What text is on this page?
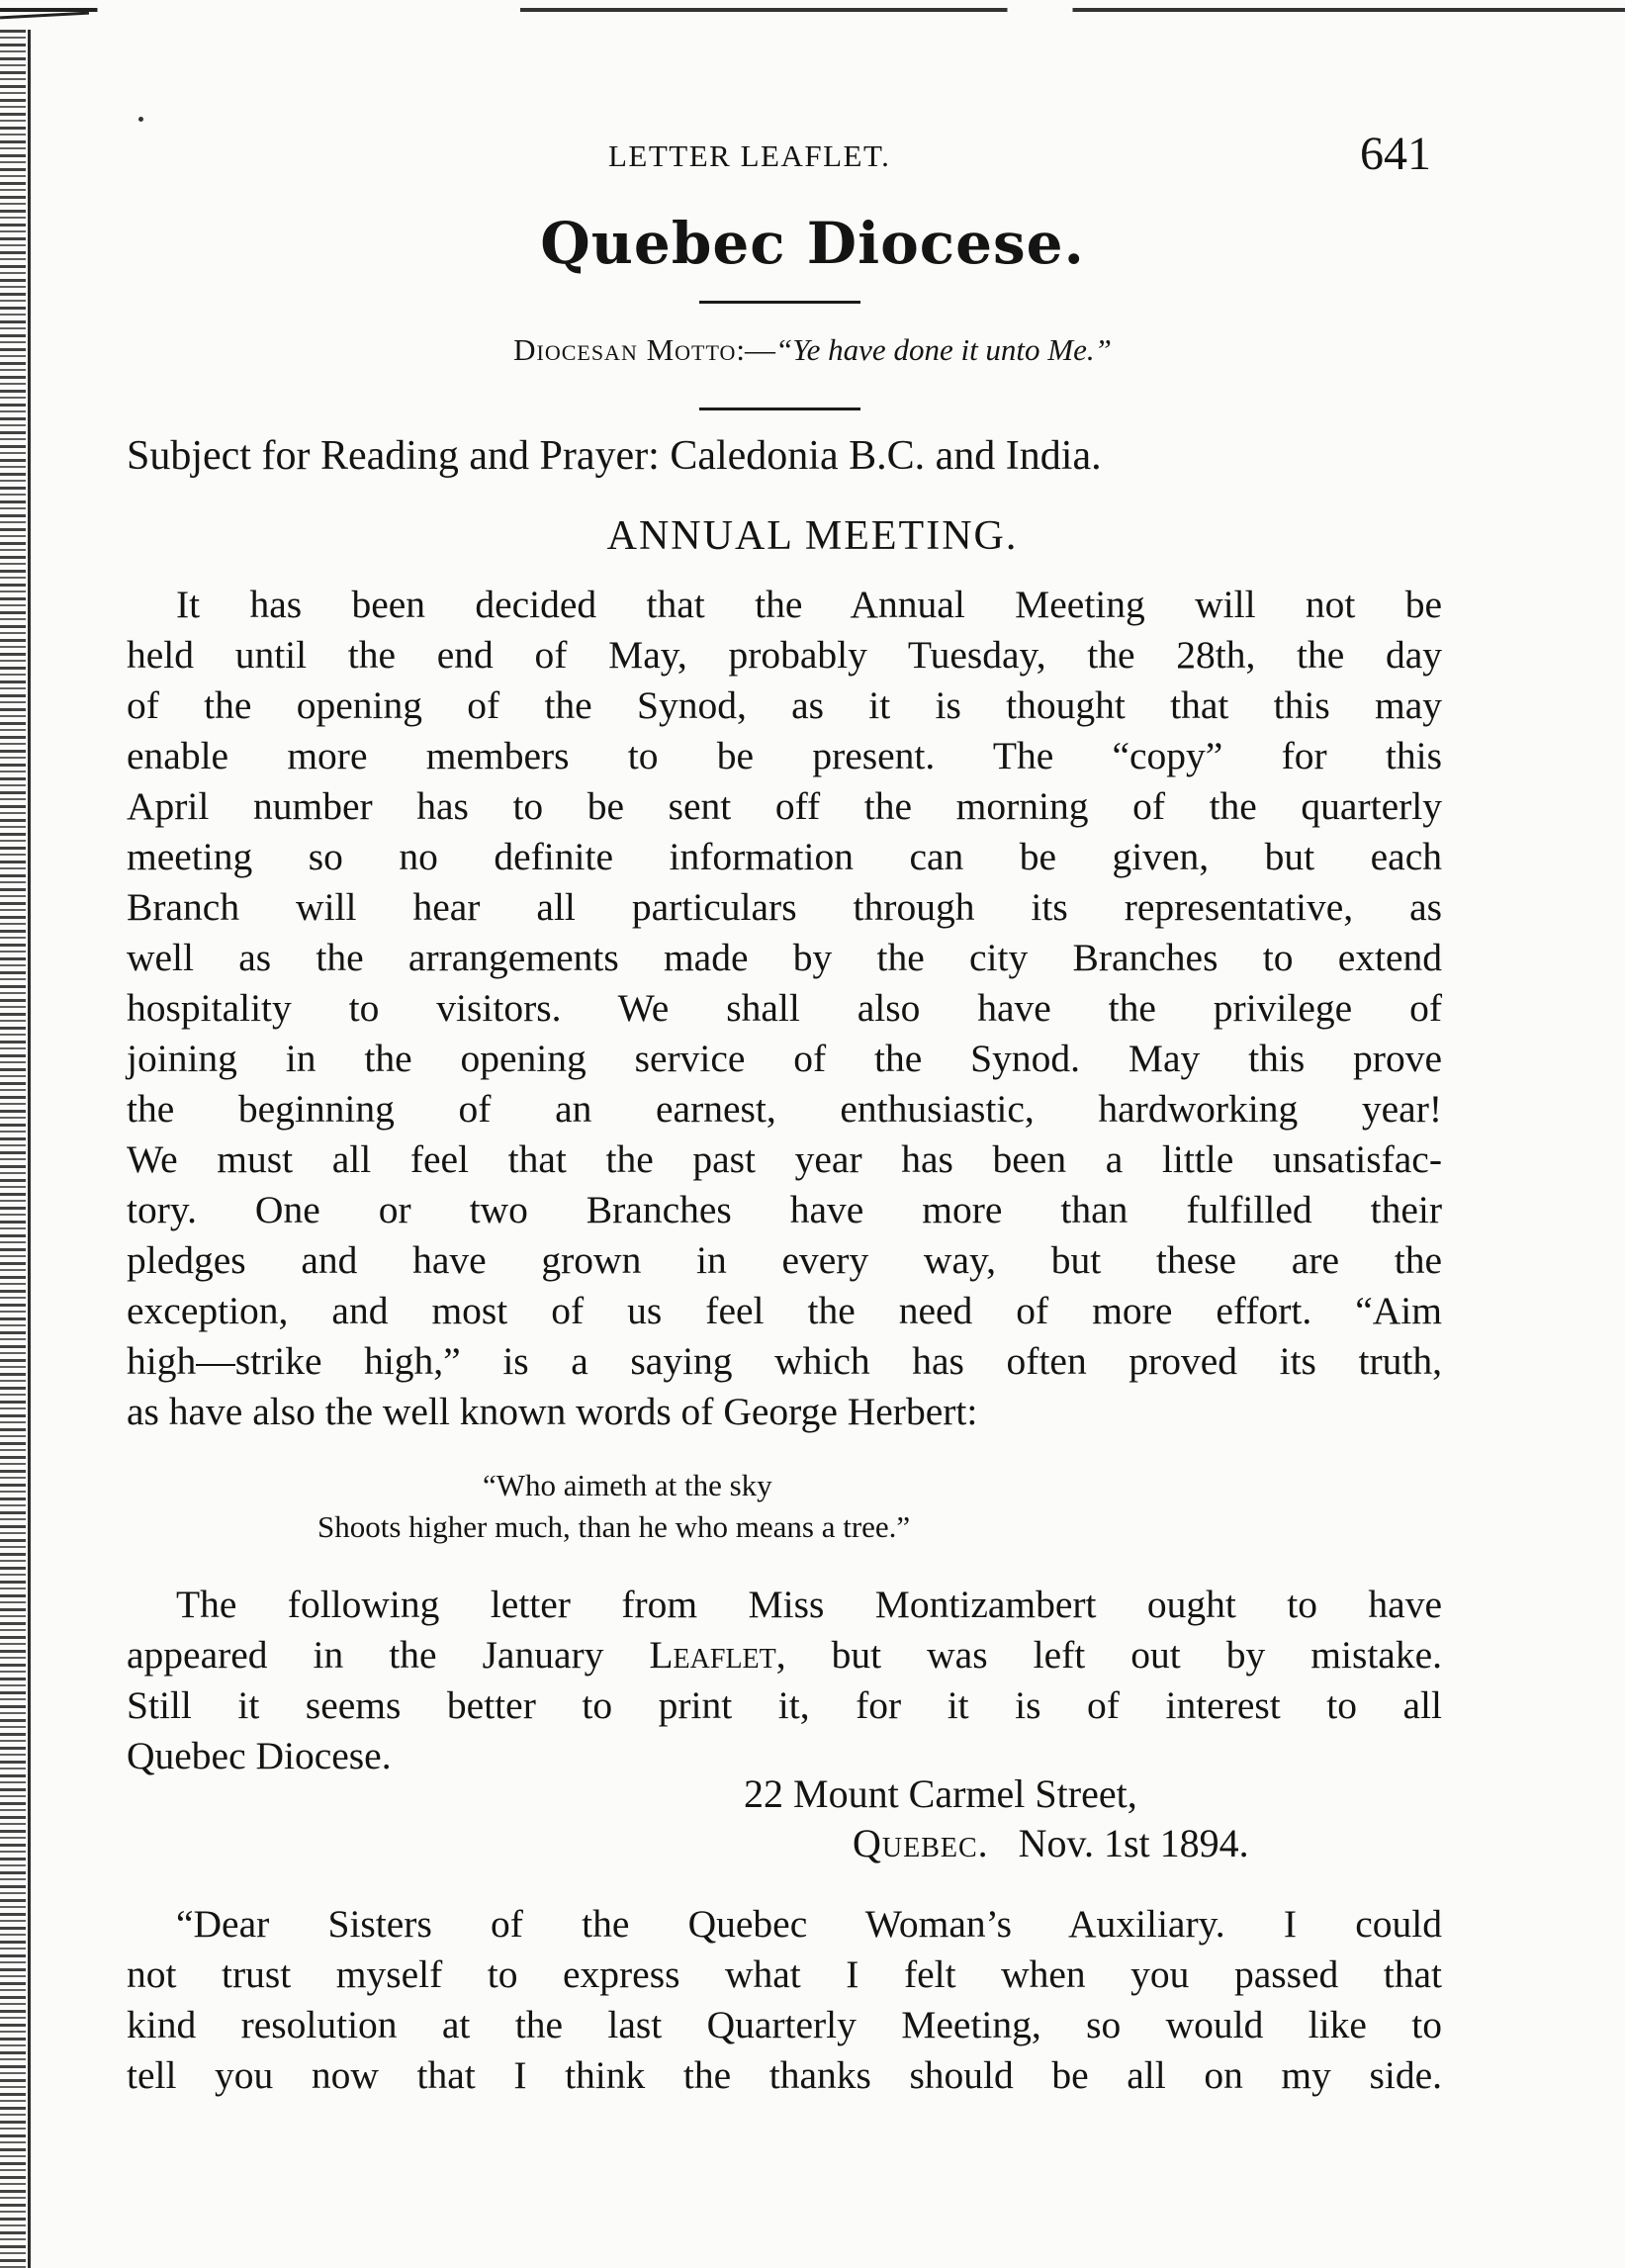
LETTER LEAFLET.	641
Quebec Diocese.
Diocesan Motto:—“Ye have done it unto Me.”
Subject for Reading and Prayer: Caledonia B.C. and India.
ANNUAL MEETING.
It has been decided that the Annual Meeting will not be
held until the end of May, probably Tuesday, the 28th, the day
of the opening of the Synod, as it is thought that this may
enable more members to be present. The “copy” for this
April number has to be sent off the morning of the quarterly
meeting so no definite information can be given, but each
Branch will hear all particulars through its representative, as
well as the arrangements made by the city Branches to extend
hospitality to visitors. We shall also have the privilege of
joining in the opening service of the Synod. May this prove
the beginning of an earnest, enthusiastic, hardworking year!
We must all feel that the past year has been a little unsatisfac-
tory. One or two Branches have more than fulfilled their
pledges and have grown in every way, but these are the
exception, and most of us feel the need of more effort. “Aim
high—strike high,” is a saying which has often proved its truth,
as have also the well known words of George Herbert:
“Who aimeth at the sky
Shoots higher much, than he who means a tree.”
The following letter from Miss Montizambert ought to have
appeared in the January Leaflet, but was left out by mistake.
Still it seems better to print it, for it is of interest to all
Quebec Diocese.
22 Mount Carmel Street,
Quebec. Nov. 1st 1894.
“Dear Sisters of the Quebec Woman’s Auxiliary. I could
not trust myself to express what I felt when you passed that
kind resolution at the last Quarterly Meeting, so would like to
tell you now that I think the thanks should be all on my side.
